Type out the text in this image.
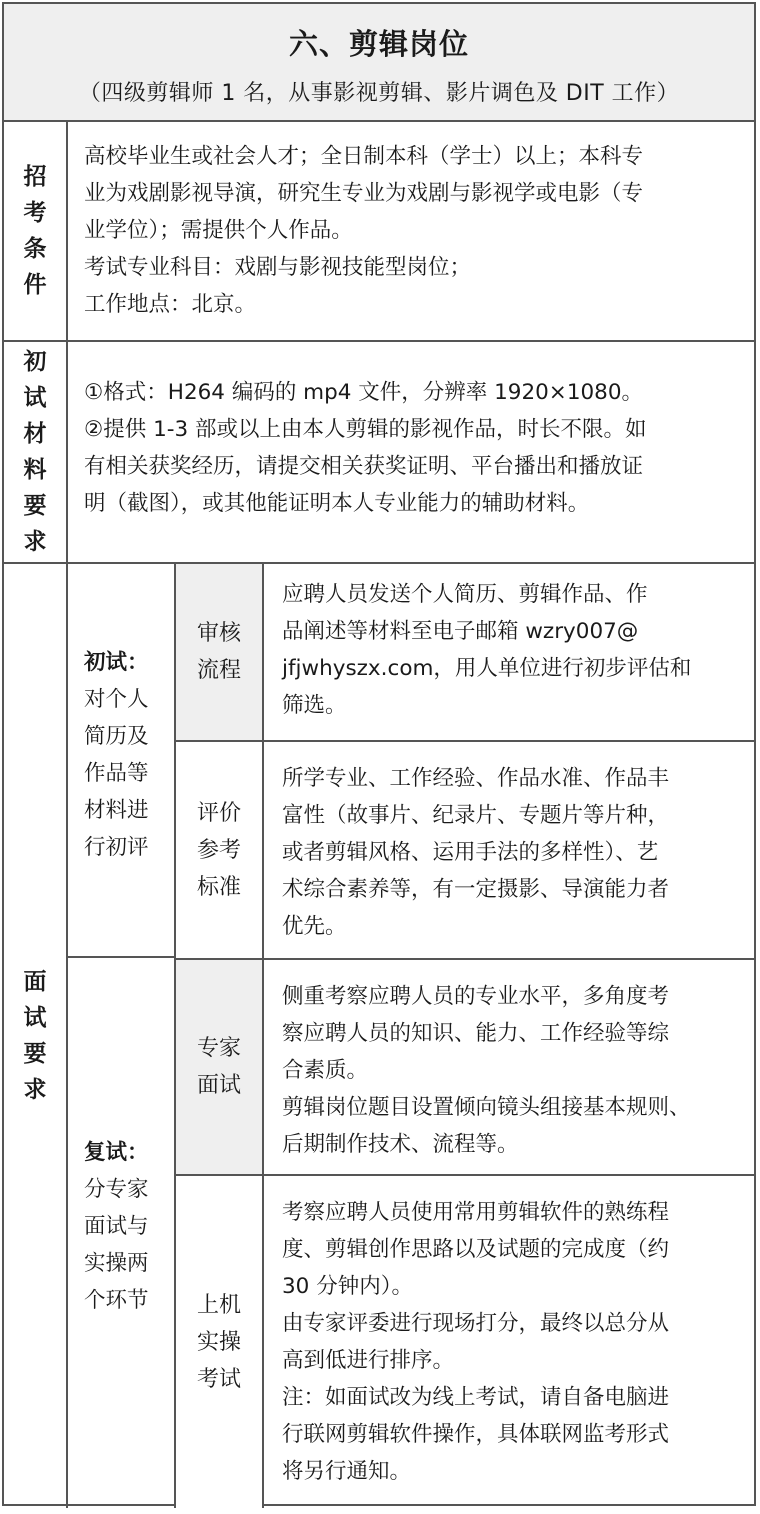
六、剪辑岗位
（四级剪辑师 1 名，从事影视剪辑、影片调色及 DIT 工作）
招
考
条
件

高校毕业生或社会人才；全日制本科（学士）以上；本科专

业为戏剧影视导演，研究生专业为戏剧与影视学或电影（专

业学位）；需提供个人作品。

考试专业科目：戏剧与影视技能型岗位；

工作地点：北京。

初
试
材
料
要
求

①格式：H264 编码的 mp4 文件，分辨率 1920×1080。

②提供 1-3 部或以上由本人剪辑的影视作品，时长不限。如

有相关获奖经历，请提交相关获奖证明、平台播出和播放证

明（截图），或其他能证明本人专业能力的辅助材料。

面
试
要
求
初试：
对个人
简历及
作品等
材料进
行初评
复试：
分专家
面试与
实操两
个环节
审核
流程

应聘人员发送个人简历、剪辑作品、作

品阐述等材料至电子邮箱 wzry007@

jfjwhyszx.com，用人单位进行初步评估和

筛选。

评价
参考
标准

所学专业、工作经验、作品水准、作品丰

富性（故事片、纪录片、专题片等片种，

或者剪辑风格、运用手法的多样性）、艺

术综合素养等，有一定摄影、导演能力者

优先。

专家
面试

侧重考察应聘人员的专业水平，多角度考

察应聘人员的知识、能力、工作经验等综

合素质。

剪辑岗位题目设置倾向镜头组接基本规则、

后期制作技术、流程等。

上机
实操
考试

考察应聘人员使用常用剪辑软件的熟练程

度、剪辑创作思路以及试题的完成度（约

30 分钟内）。

由专家评委进行现场打分，最终以总分从

高到低进行排序。

注：如面试改为线上考试，请自备电脑进

行联网剪辑软件操作，具体联网监考形式

将另行通知。
